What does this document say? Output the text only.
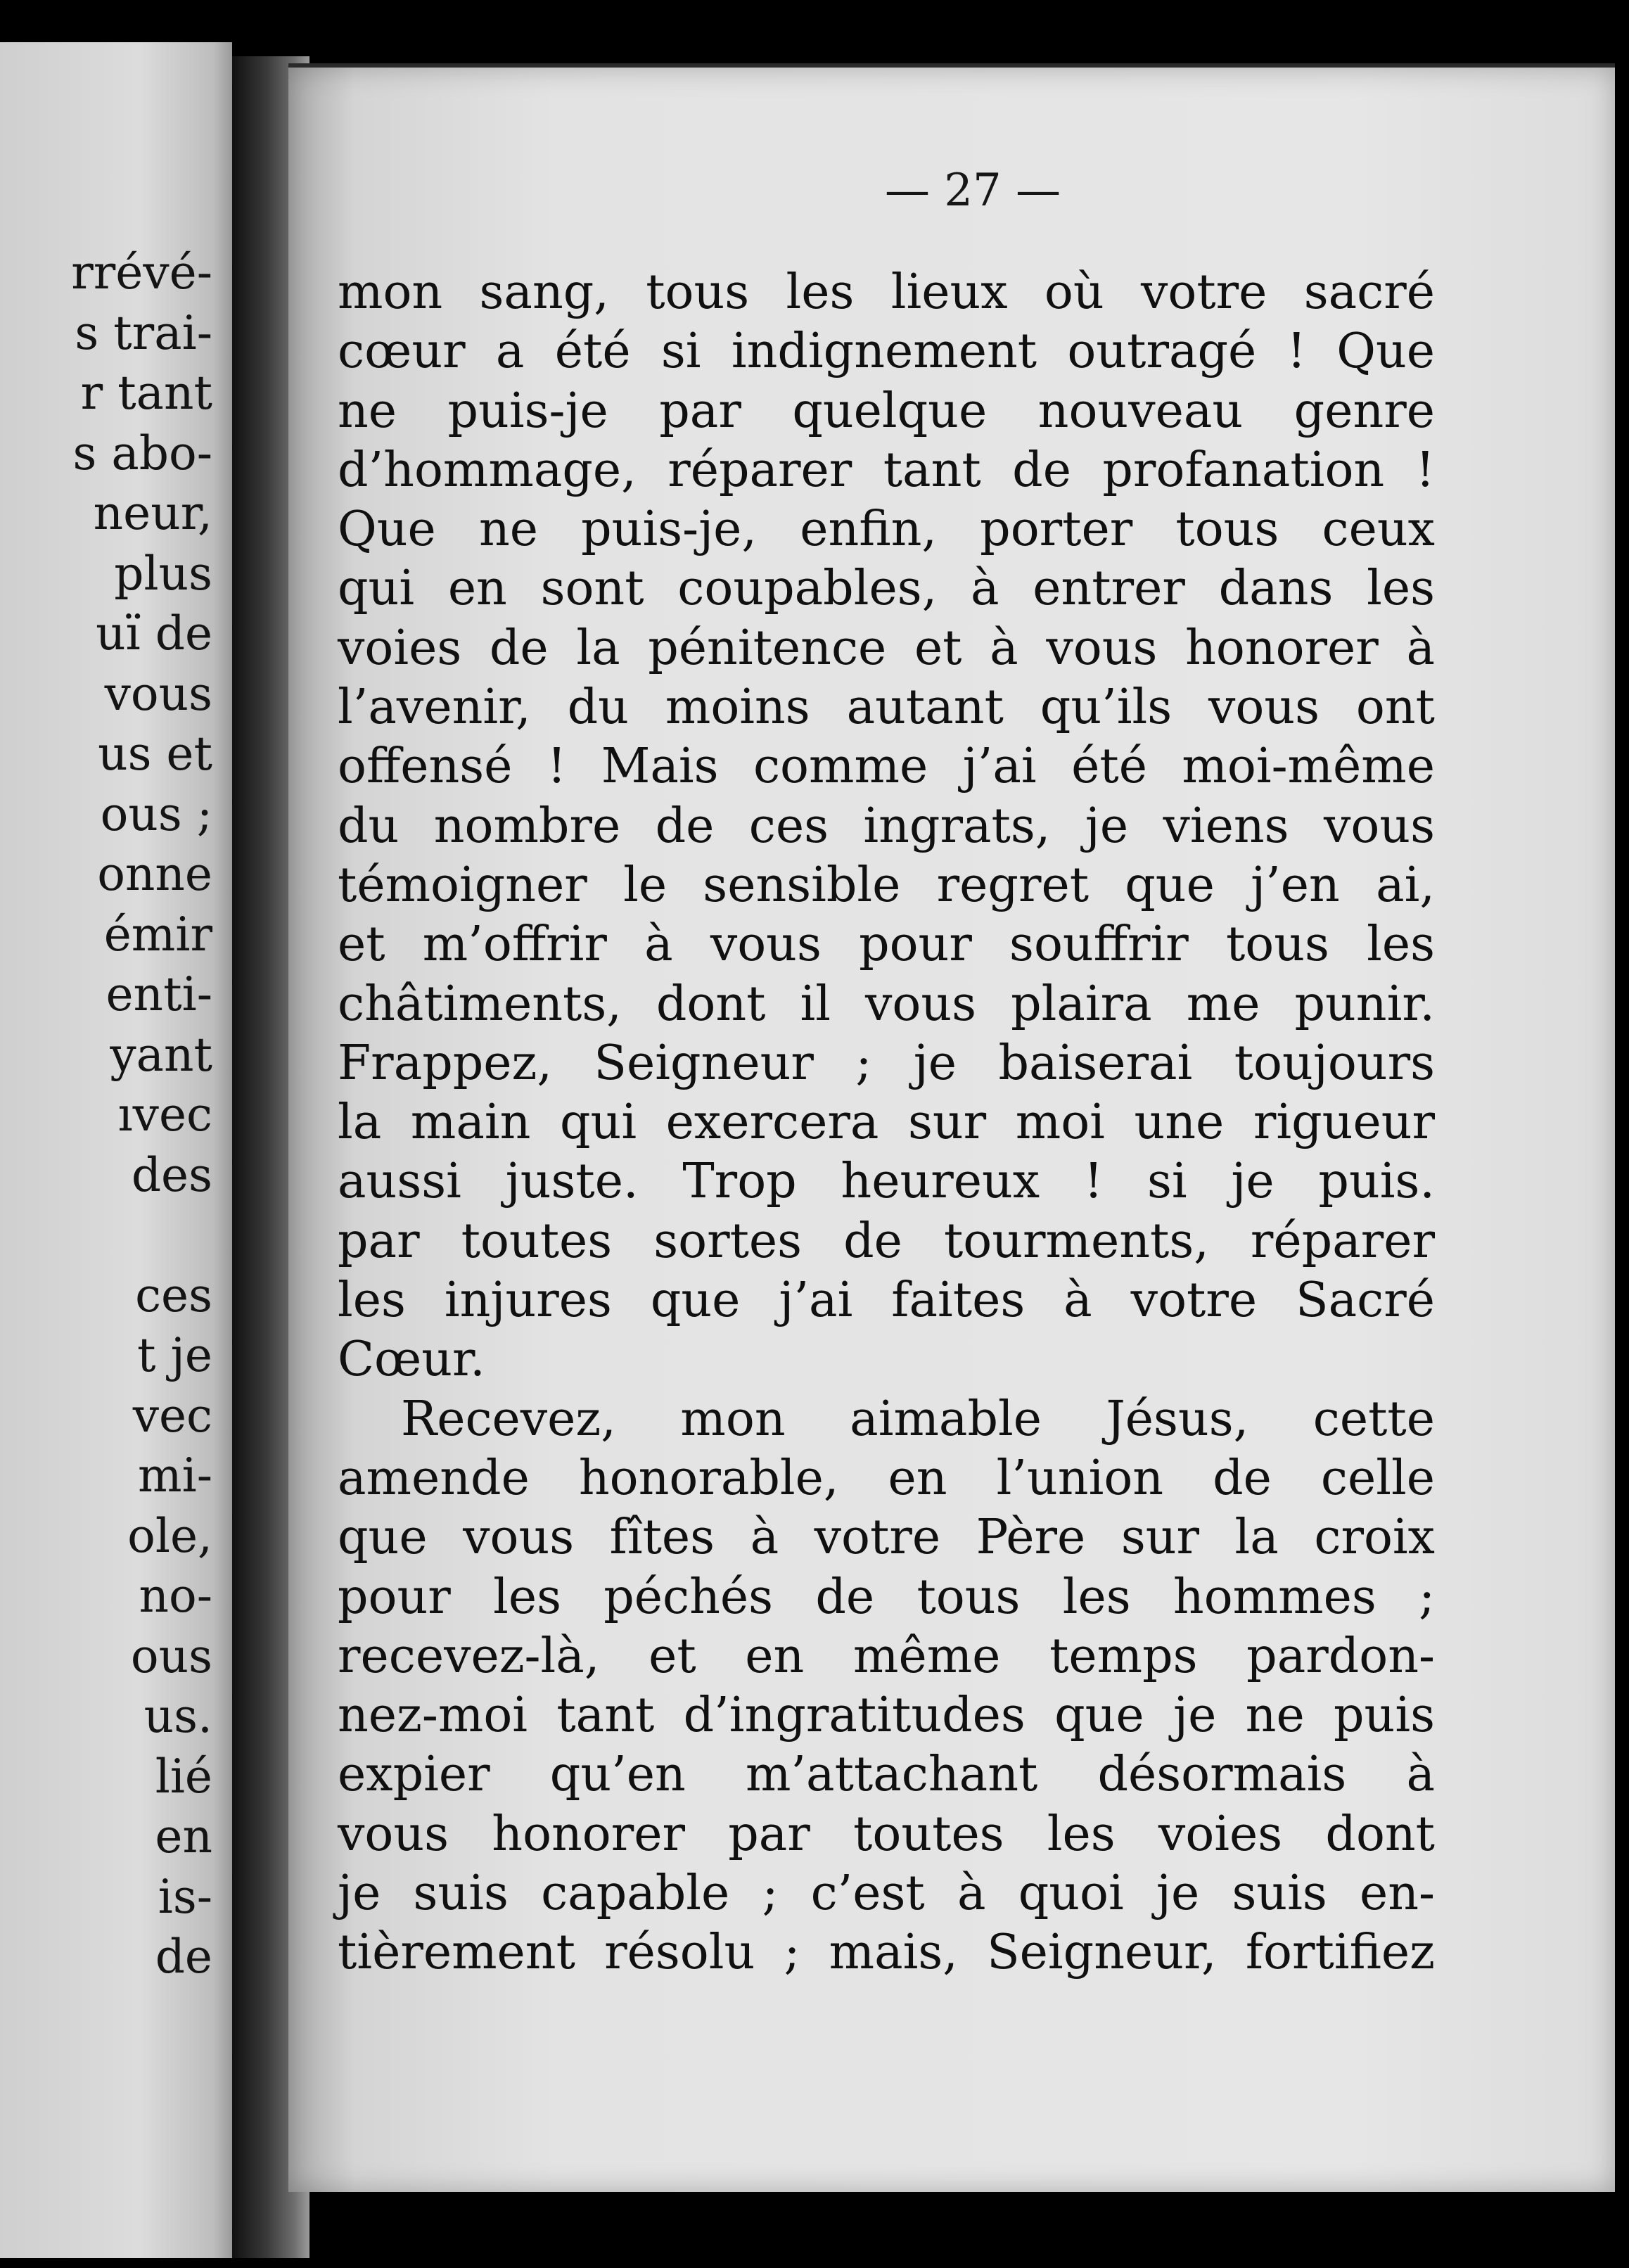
rrévé-
s trai-
r tant
s abo-
neur,
plus
uï de
vous
us et
ous ;
onne
émir
enti-
yant
ıvec
des
ces
t je
vec
mi-
ole,
no-
ous
us.
lié
en
is-
de
— 27 —
mon sang, tous les lieux où votre sacré
cœur a été si indignement outragé ! Que
ne puis-je par quelque nouveau genre
d’hommage, réparer tant de profanation !
Que ne puis-je, enfin, porter tous ceux
qui en sont coupables, à entrer dans les
voies de la pénitence et à vous honorer à
l’avenir, du moins autant qu’ils vous ont
offensé ! Mais comme j’ai été moi-même
du nombre de ces ingrats, je viens vous
témoigner le sensible regret que j’en ai,
et m’offrir à vous pour souffrir tous les
châtiments, dont il vous plaira me punir.
Frappez, Seigneur ; je baiserai toujours
la main qui exercera sur moi une rigueur
aussi juste. Trop heureux ! si je puis.
par toutes sortes de tourments, réparer
les injures que j’ai faites à votre Sacré
Cœur.
Recevez, mon aimable Jésus, cette
amende honorable, en l’union de celle
que vous fîtes à votre Père sur la croix
pour les péchés de tous les hommes ;
recevez-là, et en même temps pardon-
nez-moi tant d’ingratitudes que je ne puis
expier qu’en m’attachant désormais à
vous honorer par toutes les voies dont
je suis capable ; c’est à quoi je suis en-
tièrement résolu ; mais, Seigneur, fortifiez
